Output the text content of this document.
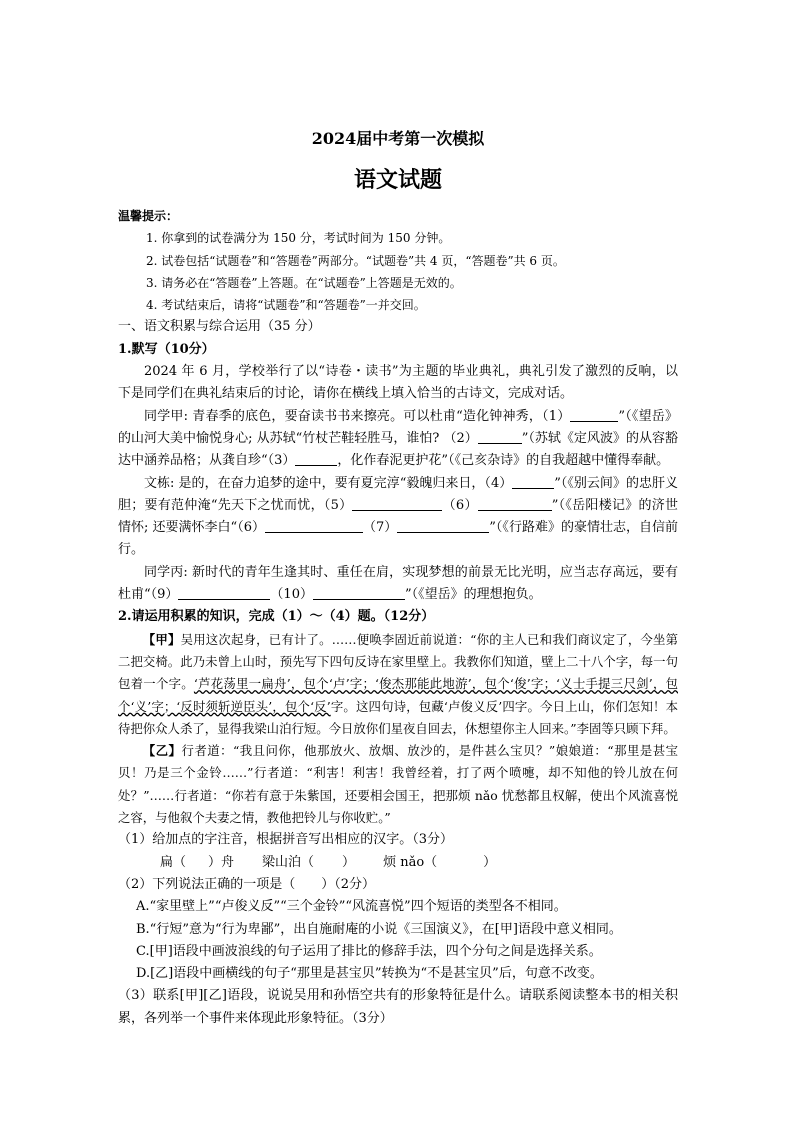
2024届中考第一次模拟

语文试题

温馨提示：

1. 你拿到的试卷满分为 150 分，考试时间为 150 分钟。

2. 试卷包括“试题卷”和“答题卷”两部分。“试题卷”共 4 页，“答题卷”共 6 页。

3. 请务必在“答题卷”上答题。在“试题卷”上答题是无效的。

4. 考试结束后，请将“试题卷”和“答题卷”一并交回。

一、语文积累与综合运用（35 分）

1.默写（10分）

2024 年 6 月，学校举行了以“诗卷・读书”为主题的毕业典礼，典礼引发了激烈的反响，以下是同学们在典礼结束后的讨论，请你在横线上填入恰当的古诗文，完成对话。

同学甲: 青春季的底色，要奋读书书来擦亮。可以杜甫“造化钟神秀，（1）	”（《望岳》的山河大美中愉悦身心; 从苏轼“竹杖芒鞋轻胜马，谁怕? （2）	”（苏轼《定风波》的从容豁达中涵养品格；从龚自珍“（3）	，化作春泥更护花”（《己亥杂诗》的自我超越中懂得奉献。

文栋: 是的，在奋力追梦的途中，要有夏完淳“毅魄归来日，（4）	”（《别云间》的忠肝义胆；要有范仲淹“先天下之忧而忧，（5）	（6）	”（《岳阳楼记》的济世情怀; 还要满怀李白“（6）	（7）	”（《行路难》的豪情壮志，自信前行。

同学丙: 新时代的青年生逢其时、重任在肩，实现梦想的前景无比光明，应当志存高远，要有杜甫“（9）	（10）	”（《望岳》的理想抱负。

2.请运用积累的知识，完成（1）～（4）题。（12分）

【甲】吴用这次起身，已有计了。……便唤李固近前说道：“你的主人已和我们商议定了，今坐第二把交椅。此乃未曾上山时，预先写下四句反诗在家里壁上。我教你们知道，壁上二十八个字，每一句包着一个字。‘芦花荡里一扁舟’，包个‘卢’字；‘俊杰那能此地游’，包个‘俊’字；‘义士手提三尺剑’，包个‘义’字；‘反时须斩逆臣头’，包个‘反’字。这四句诗，包藏‘卢俊义反’四字。今日上山，你们怎知！本待把你众人杀了，显得我梁山泊行短。今日放你们星夜自回去，休想望你主人回来。”李固等只顾下拜。

【乙】行者道：“我且问你，他那放火、放烟、放沙的，是件甚么宝贝？”娘娘道：“那里是甚宝贝！乃是三个金铃……”行者道：“利害！利害！我曾经着，打了两个喷嚏，却不知他的铃儿放在何处？”……行者道：“你若有意于朱紫国，还要相会国王，把那烦 nǎo 忧愁都且权解，使出个风流喜悦之容，与他叙个夫妻之情，教他把铃儿与你收贮。”

（1）给加点的字注音，根据拼音写出相应的汉字。（3分）

扁（ ）舟 梁山泊（ ） 烦 nǎo（	）

（2）下列说法正确的一项是（　　）（2分）

A.“家里壁上”“卢俊义反”“三个金铃”“风流喜悦”四个短语的类型各不相同。

B.“行短”意为“行为卑鄙”，出自施耐庵的小说《三国演义》，在[甲]语段中意义相同。

C.[甲]语段中画波浪线的句子运用了排比的修辞手法，四个分句之间是选择关系。

D.[乙]语段中画横线的句子“那里是甚宝贝”转换为“不是甚宝贝”后，句意不改变。

（3）联系[甲][乙]语段，说说吴用和孙悟空共有的形象特征是什么。请联系阅读整本书的相关积累，各列举一个事件来体现此形象特征。（3分）
